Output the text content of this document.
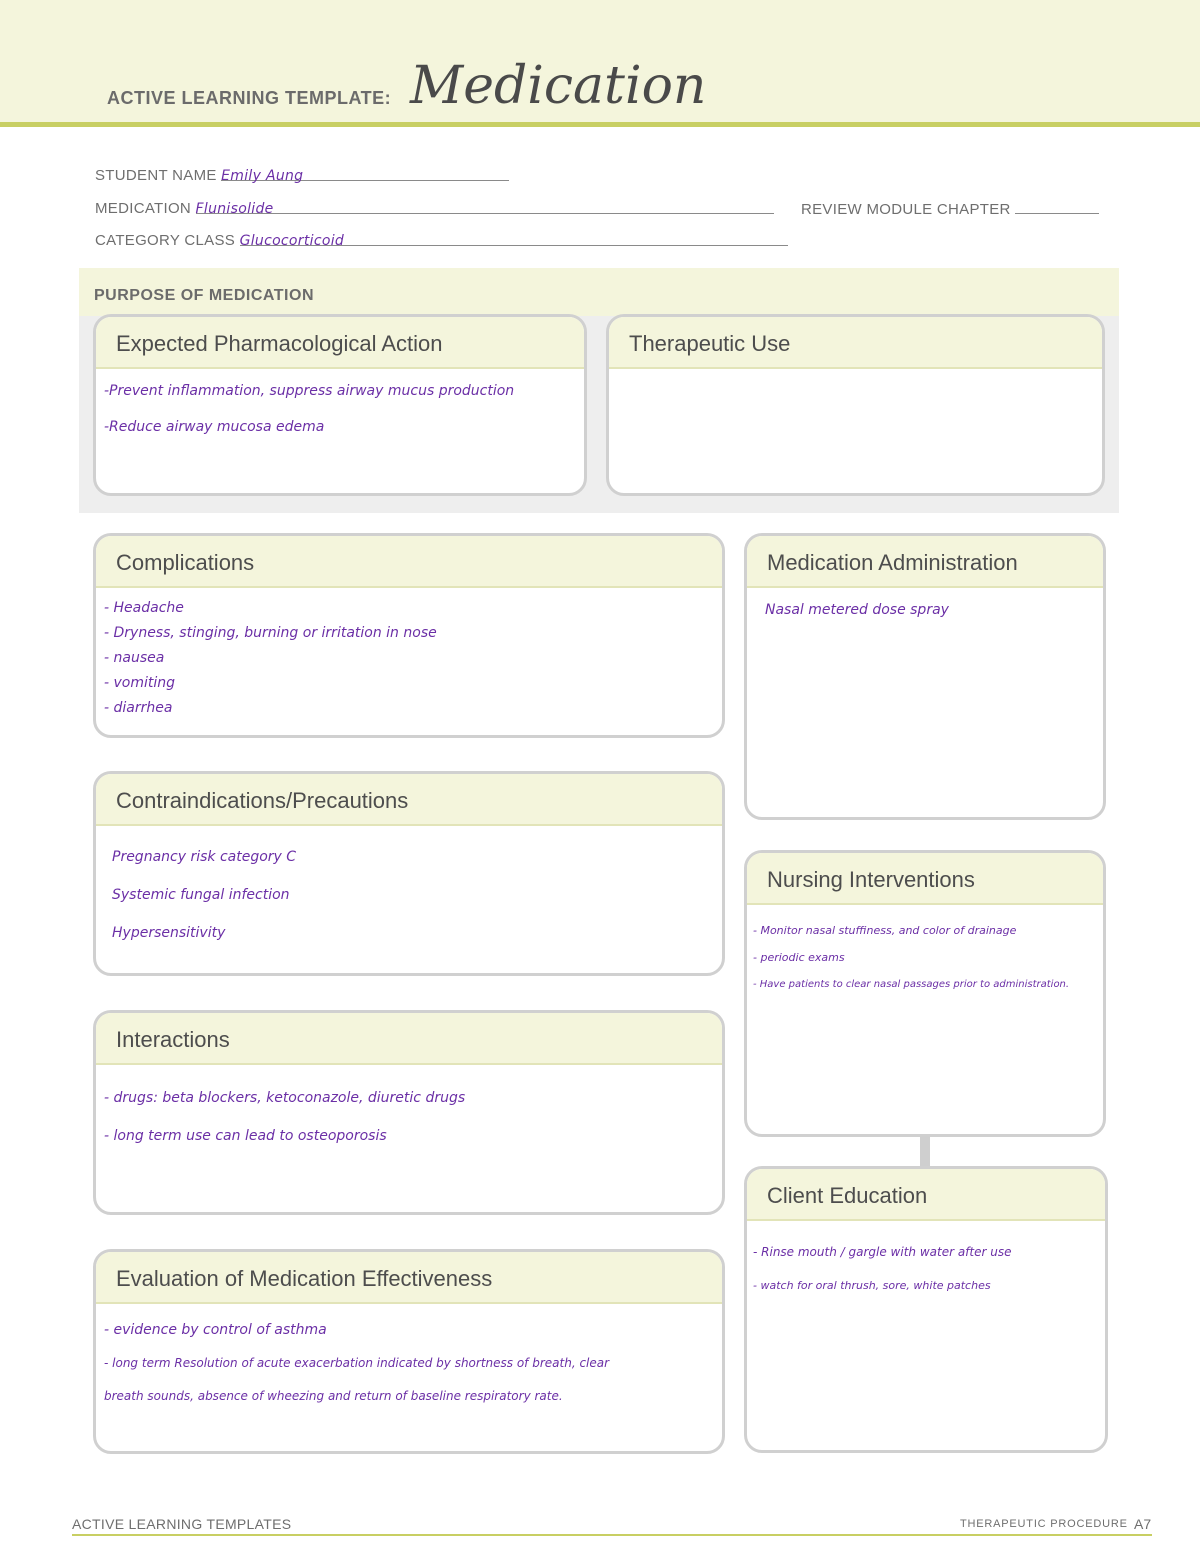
ACTIVE LEARNING TEMPLATE: Medication
STUDENT NAME Emily Aung
MEDICATION Flunisolide	REVIEW MODULE CHAPTER
CATEGORY CLASS Glucocorticoid
PURPOSE OF MEDICATION
Expected Pharmacological Action
-Prevent inflammation, suppress airway mucus production
-Reduce airway mucosa edema
Therapeutic Use
Complications
- Headache
- Dryness, stinging, burning or irritation in nose
- nausea
- vomiting
- diarrhea
Medication Administration
Nasal metered dose spray
Contraindications/Precautions
Pregnancy risk category C
Systemic fungal infection
Hypersensitivity
Nursing Interventions
- Monitor nasal stuffiness, and color of drainage
- periodic exams
- Have patients to clear nasal passages prior to administration.
Interactions
- drugs: beta blockers, ketoconazole, diuretic drugs
- long term use can lead to osteoporosis
Client Education
- Rinse mouth / gargle with water after use
- watch for oral thrush, sore, white patches
Evaluation of Medication Effectiveness
- evidence by control of asthma
- long term Resolution of acute exacerbation indicated by shortness of breath, clear
breath sounds, absence of wheezing and return of baseline respiratory rate.
ACTIVE LEARNING TEMPLATES	THERAPEUTIC PROCEDURE A7
